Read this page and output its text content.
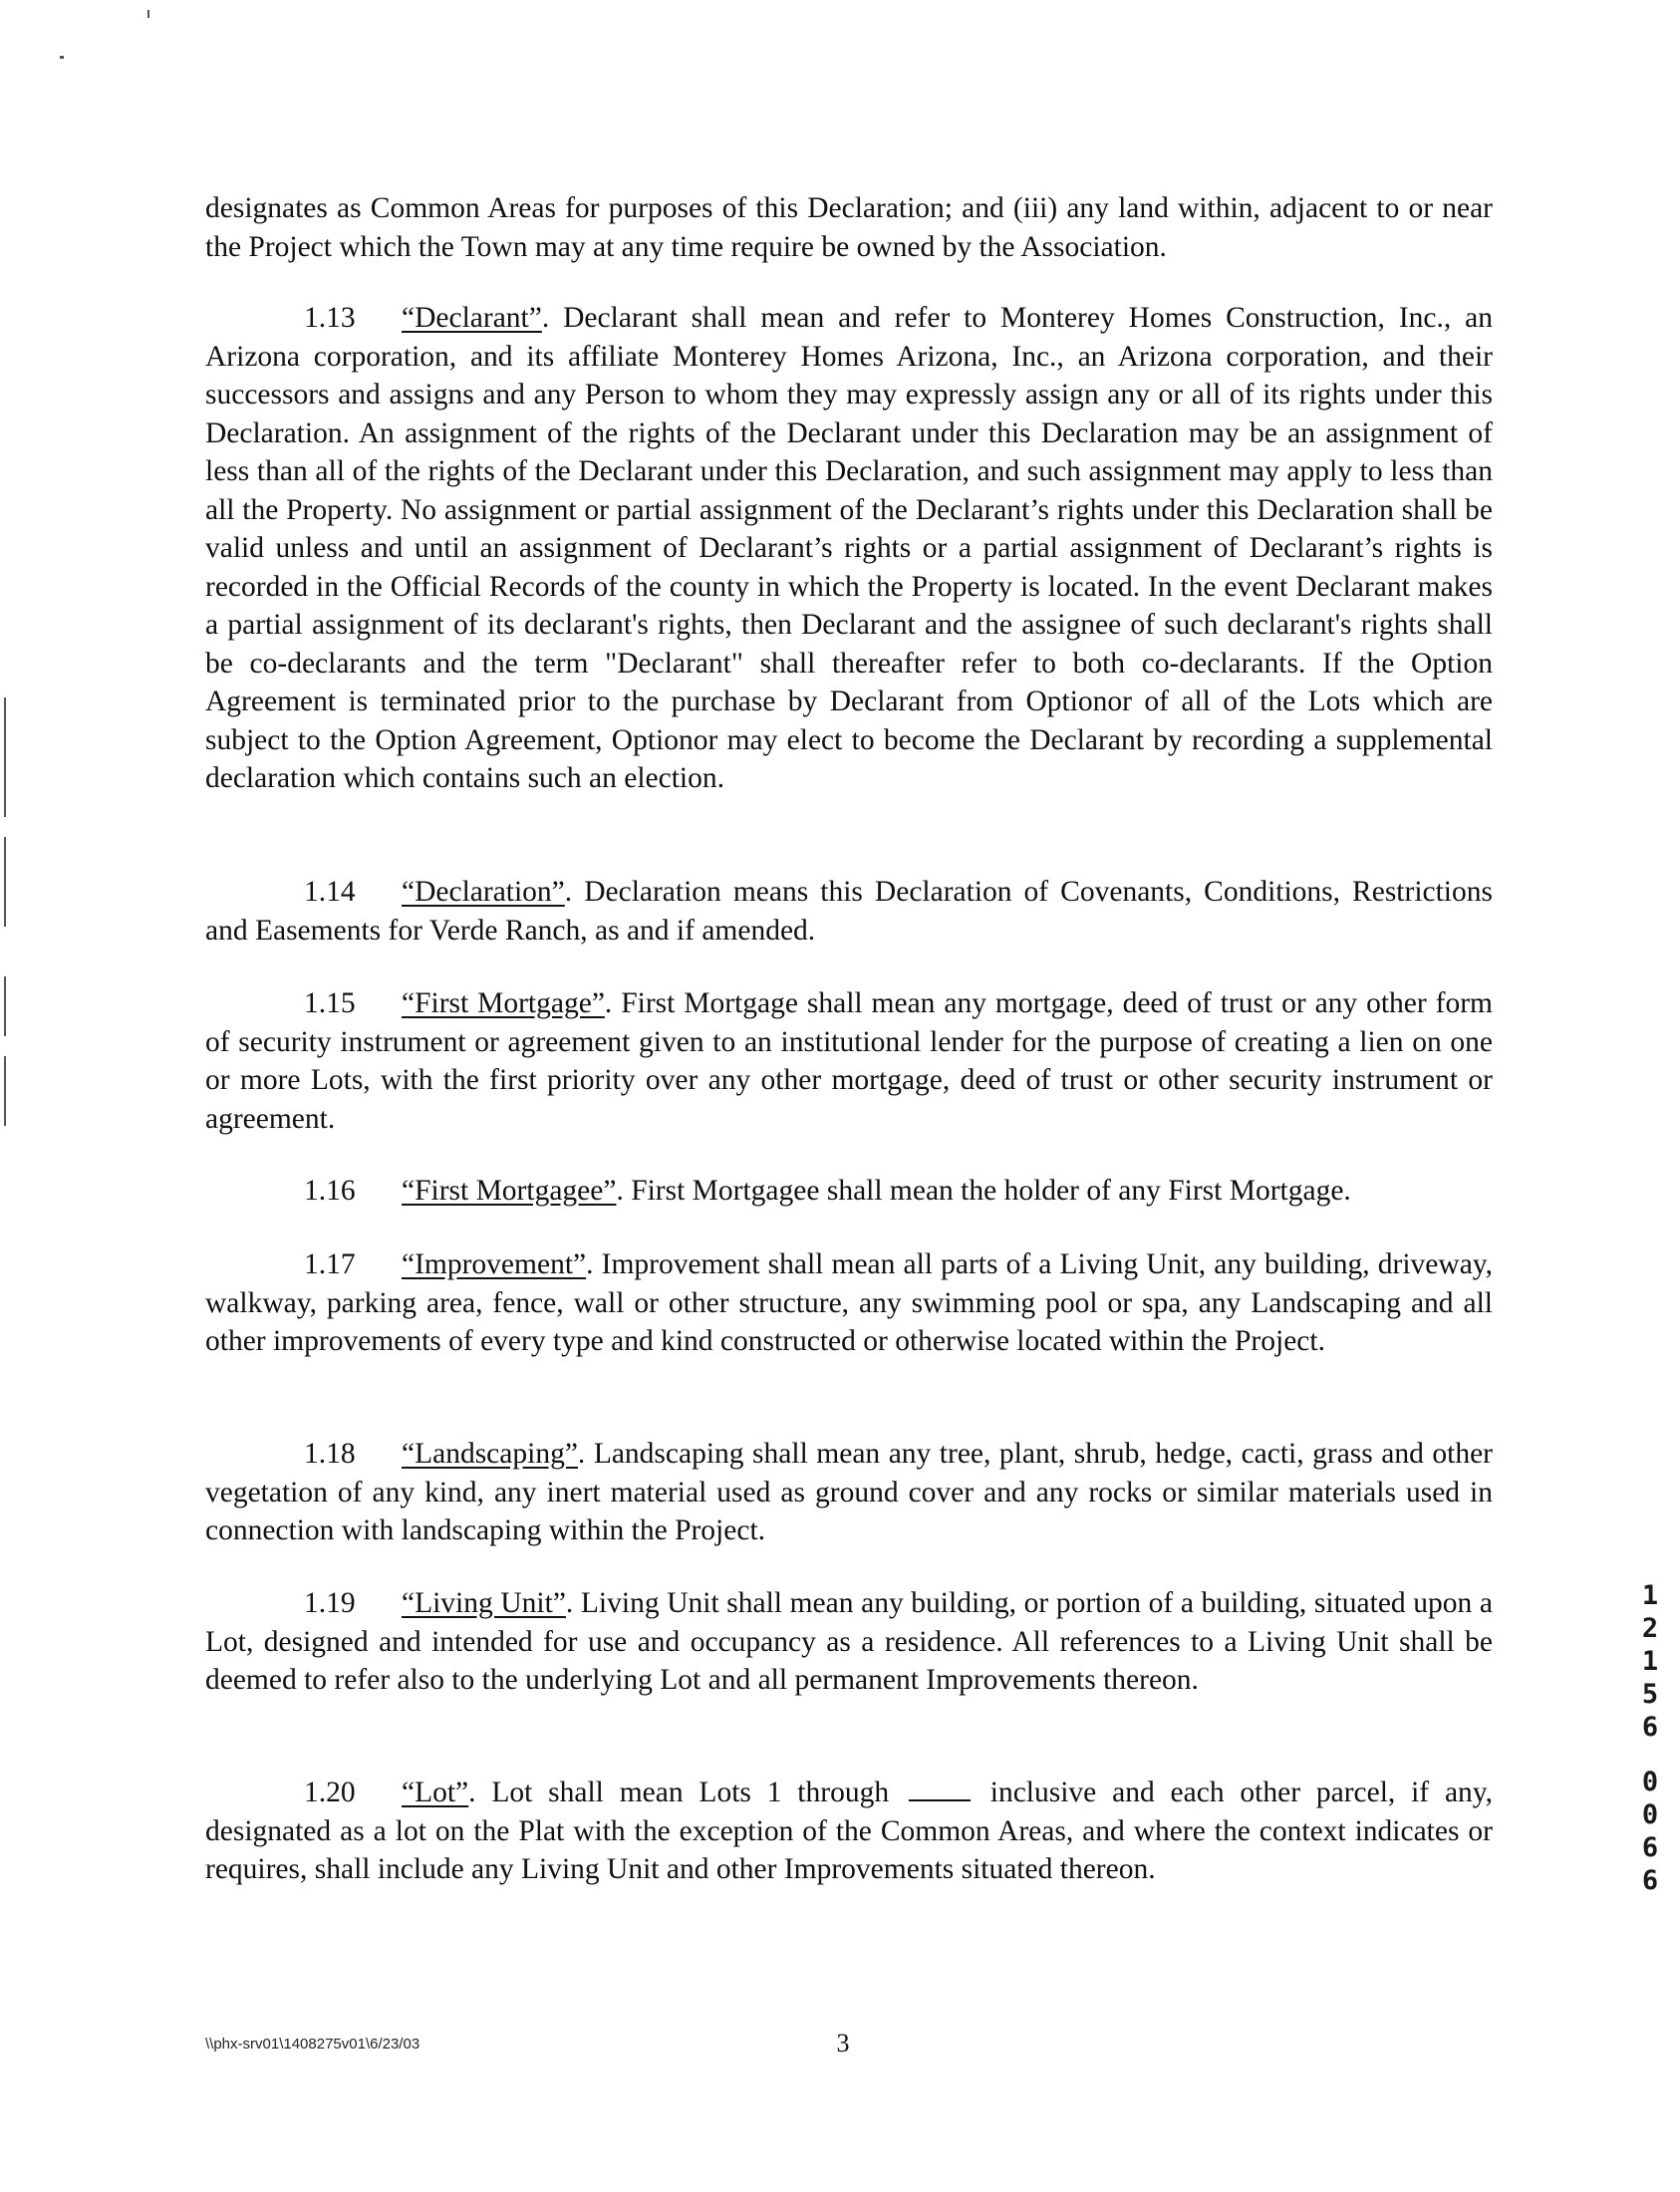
designates as Common Areas for purposes of this Declaration; and (iii) any land within, adjacent to or near the Project which the Town may at any time require be owned by the Association.

1.13 “Declarant”. Declarant shall mean and refer to Monterey Homes Construction, Inc., an Arizona corporation, and its affiliate Monterey Homes Arizona, Inc., an Arizona corporation, and their successors and assigns and any Person to whom they may expressly assign any or all of its rights under this Declaration. An assignment of the rights of the Declarant under this Declaration may be an assignment of less than all of the rights of the Declarant under this Declaration, and such assignment may apply to less than all the Property. No assignment or partial assignment of the Declarant’s rights under this Declaration shall be valid unless and until an assignment of Declarant’s rights or a partial assignment of Declarant’s rights is recorded in the Official Records of the county in which the Property is located. In the event Declarant makes a partial assignment of its declarant's rights, then Declarant and the assignee of such declarant's rights shall be co-declarants and the term "Declarant" shall thereafter refer to both co-declarants. If the Option Agreement is terminated prior to the purchase by Declarant from Optionor of all of the Lots which are subject to the Option Agreement, Optionor may elect to become the Declarant by recording a supplemental declaration which contains such an election.

1.14 “Declaration”. Declaration means this Declaration of Covenants, Conditions, Restrictions and Easements for Verde Ranch, as and if amended.

1.15 “First Mortgage”. First Mortgage shall mean any mortgage, deed of trust or any other form of security instrument or agreement given to an institutional lender for the purpose of creating a lien on one or more Lots, with the first priority over any other mortgage, deed of trust or other security instrument or agreement.

1.16 “First Mortgagee”. First Mortgagee shall mean the holder of any First Mortgage.

1.17 “Improvement”. Improvement shall mean all parts of a Living Unit, any building, driveway, walkway, parking area, fence, wall or other structure, any swimming pool or spa, any Landscaping and all other improvements of every type and kind constructed or otherwise located within the Project.

1.18 “Landscaping”. Landscaping shall mean any tree, plant, shrub, hedge, cacti, grass and other vegetation of any kind, any inert material used as ground cover and any rocks or similar materials used in connection with landscaping within the Project.

1.19 “Living Unit”. Living Unit shall mean any building, or portion of a building, situated upon a Lot, designed and intended for use and occupancy as a residence. All references to a Living Unit shall be deemed to refer also to the underlying Lot and all permanent Improvements thereon.

1.20 “Lot”. Lot shall mean Lots 1 through	inclusive and each other parcel, if any, designated as a lot on the Plat with the exception of the Common Areas, and where the context indicates or requires, shall include any Living Unit and other Improvements situated thereon.

1
2
1
5
6
0
0
6
6
\\phx-srv01\1408275v01\6/23/03	3
